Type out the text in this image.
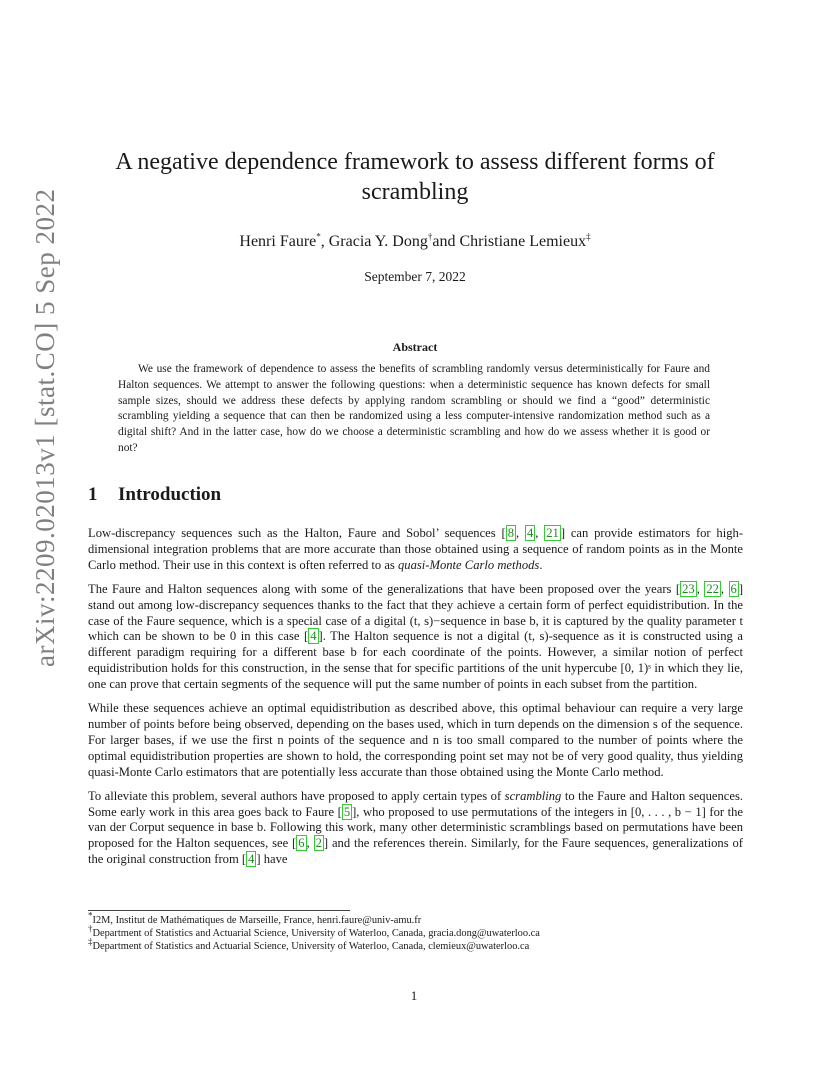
arXiv:2209.02013v1 [stat.CO] 5 Sep 2022
A negative dependence framework to assess different forms of scrambling
Henri Faure*, Gracia Y. Dong†and Christiane Lemieux‡
September 7, 2022
Abstract

We use the framework of dependence to assess the benefits of scrambling randomly versus deterministically for Faure and Halton sequences. We attempt to answer the following questions: when a deterministic sequence has known defects for small sample sizes, should we address these defects by applying random scrambling or should we find a “good” deterministic scrambling yielding a sequence that can then be randomized using a less computer-intensive randomization method such as a digital shift? And in the latter case, how do we choose a deterministic scrambling and how do we assess whether it is good or not?

1 Introduction

Low-discrepancy sequences such as the Halton, Faure and Sobol’ sequences [ 8 , 4 , 21 ] can provide estimators for high-dimensional integration problems that are more accurate than those obtained using a sequence of random points as in the Monte Carlo method. Their use in this context is often referred to as quasi-Monte Carlo methods.

The Faure and Halton sequences along with some of the generalizations that have been proposed over the years [ 23 , 22 , 6 ] stand out among low-discrepancy sequences thanks to the fact that they achieve a certain form of perfect equidistribution. In the case of the Faure sequence, which is a special case of a digital (t, s)−sequence in base b, it is captured by the quality parameter t which can be shown to be 0 in this case [ 4 ]. The Halton sequence is not a digital (t, s)-sequence as it is constructed using a different paradigm requiring for a different base b for each coordinate of the points. However, a similar notion of perfect equidistribution holds for this construction, in the sense that for specific partitions of the unit hypercube [0, 1)ˢ in which they lie, one can prove that certain segments of the sequence will put the same number of points in each subset from the partition.

While these sequences achieve an optimal equidistribution as described above, this optimal behaviour can require a very large number of points before being observed, depending on the bases used, which in turn depends on the dimension s of the sequence. For larger bases, if we use the first n points of the sequence and n is too small compared to the number of points where the optimal equidistribution properties are shown to hold, the corresponding point set may not be of very good quality, thus yielding quasi-Monte Carlo estimators that are potentially less accurate than those obtained using the Monte Carlo method.

To alleviate this problem, several authors have proposed to apply certain types of scrambling to the Faure and Halton sequences. Some early work in this area goes back to Faure [ 5 ], who proposed to use permutations of the integers in [0, . . . , b − 1] for the van der Corput sequence in base b. Following this work, many other deterministic scramblings based on permutations have been proposed for the Halton sequences, see [ 6 , 2 ] and the references therein. Similarly, for the Faure sequences, generalizations of the original construction from [ 4 ] have

*I2M, Institut de Mathématiques de Marseille, France, henri.faure@univ-amu.fr
†Department of Statistics and Actuarial Science, University of Waterloo, Canada, gracia.dong@uwaterloo.ca
‡Department of Statistics and Actuarial Science, University of Waterloo, Canada, clemieux@uwaterloo.ca
1
